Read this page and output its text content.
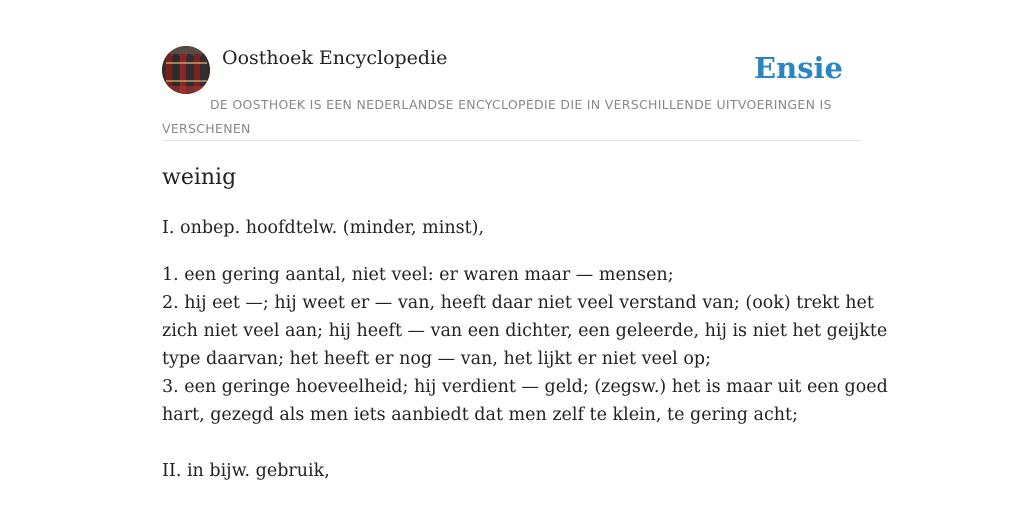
Oosthoek Encyclopedie	Ensie
DE OOSTHOEK IS EEN NEDERLANDSE ENCYCLOPEDIE DIE IN VERSCHILLENDE UITVOERINGEN IS VERSCHENEN
weinig

I. onbep. hoofdtelw. (minder, minst),

1. een gering aantal, niet veel: er waren maar — mensen;
2. hij eet —; hij weet er — van, heeft daar niet veel verstand van; (ook) trekt het
zich niet veel aan; hij heeft — van een dichter, een geleerde, hij is niet het geijkte
type daarvan; het heeft er nog — van, het lijkt er niet veel op;
3. een geringe hoeveelheid; hij verdient — geld; (zegsw.) het is maar uit een goed
hart, gezegd als men iets aanbiedt dat men zelf te klein, te gering acht;

II. in bijw. gebruik,
